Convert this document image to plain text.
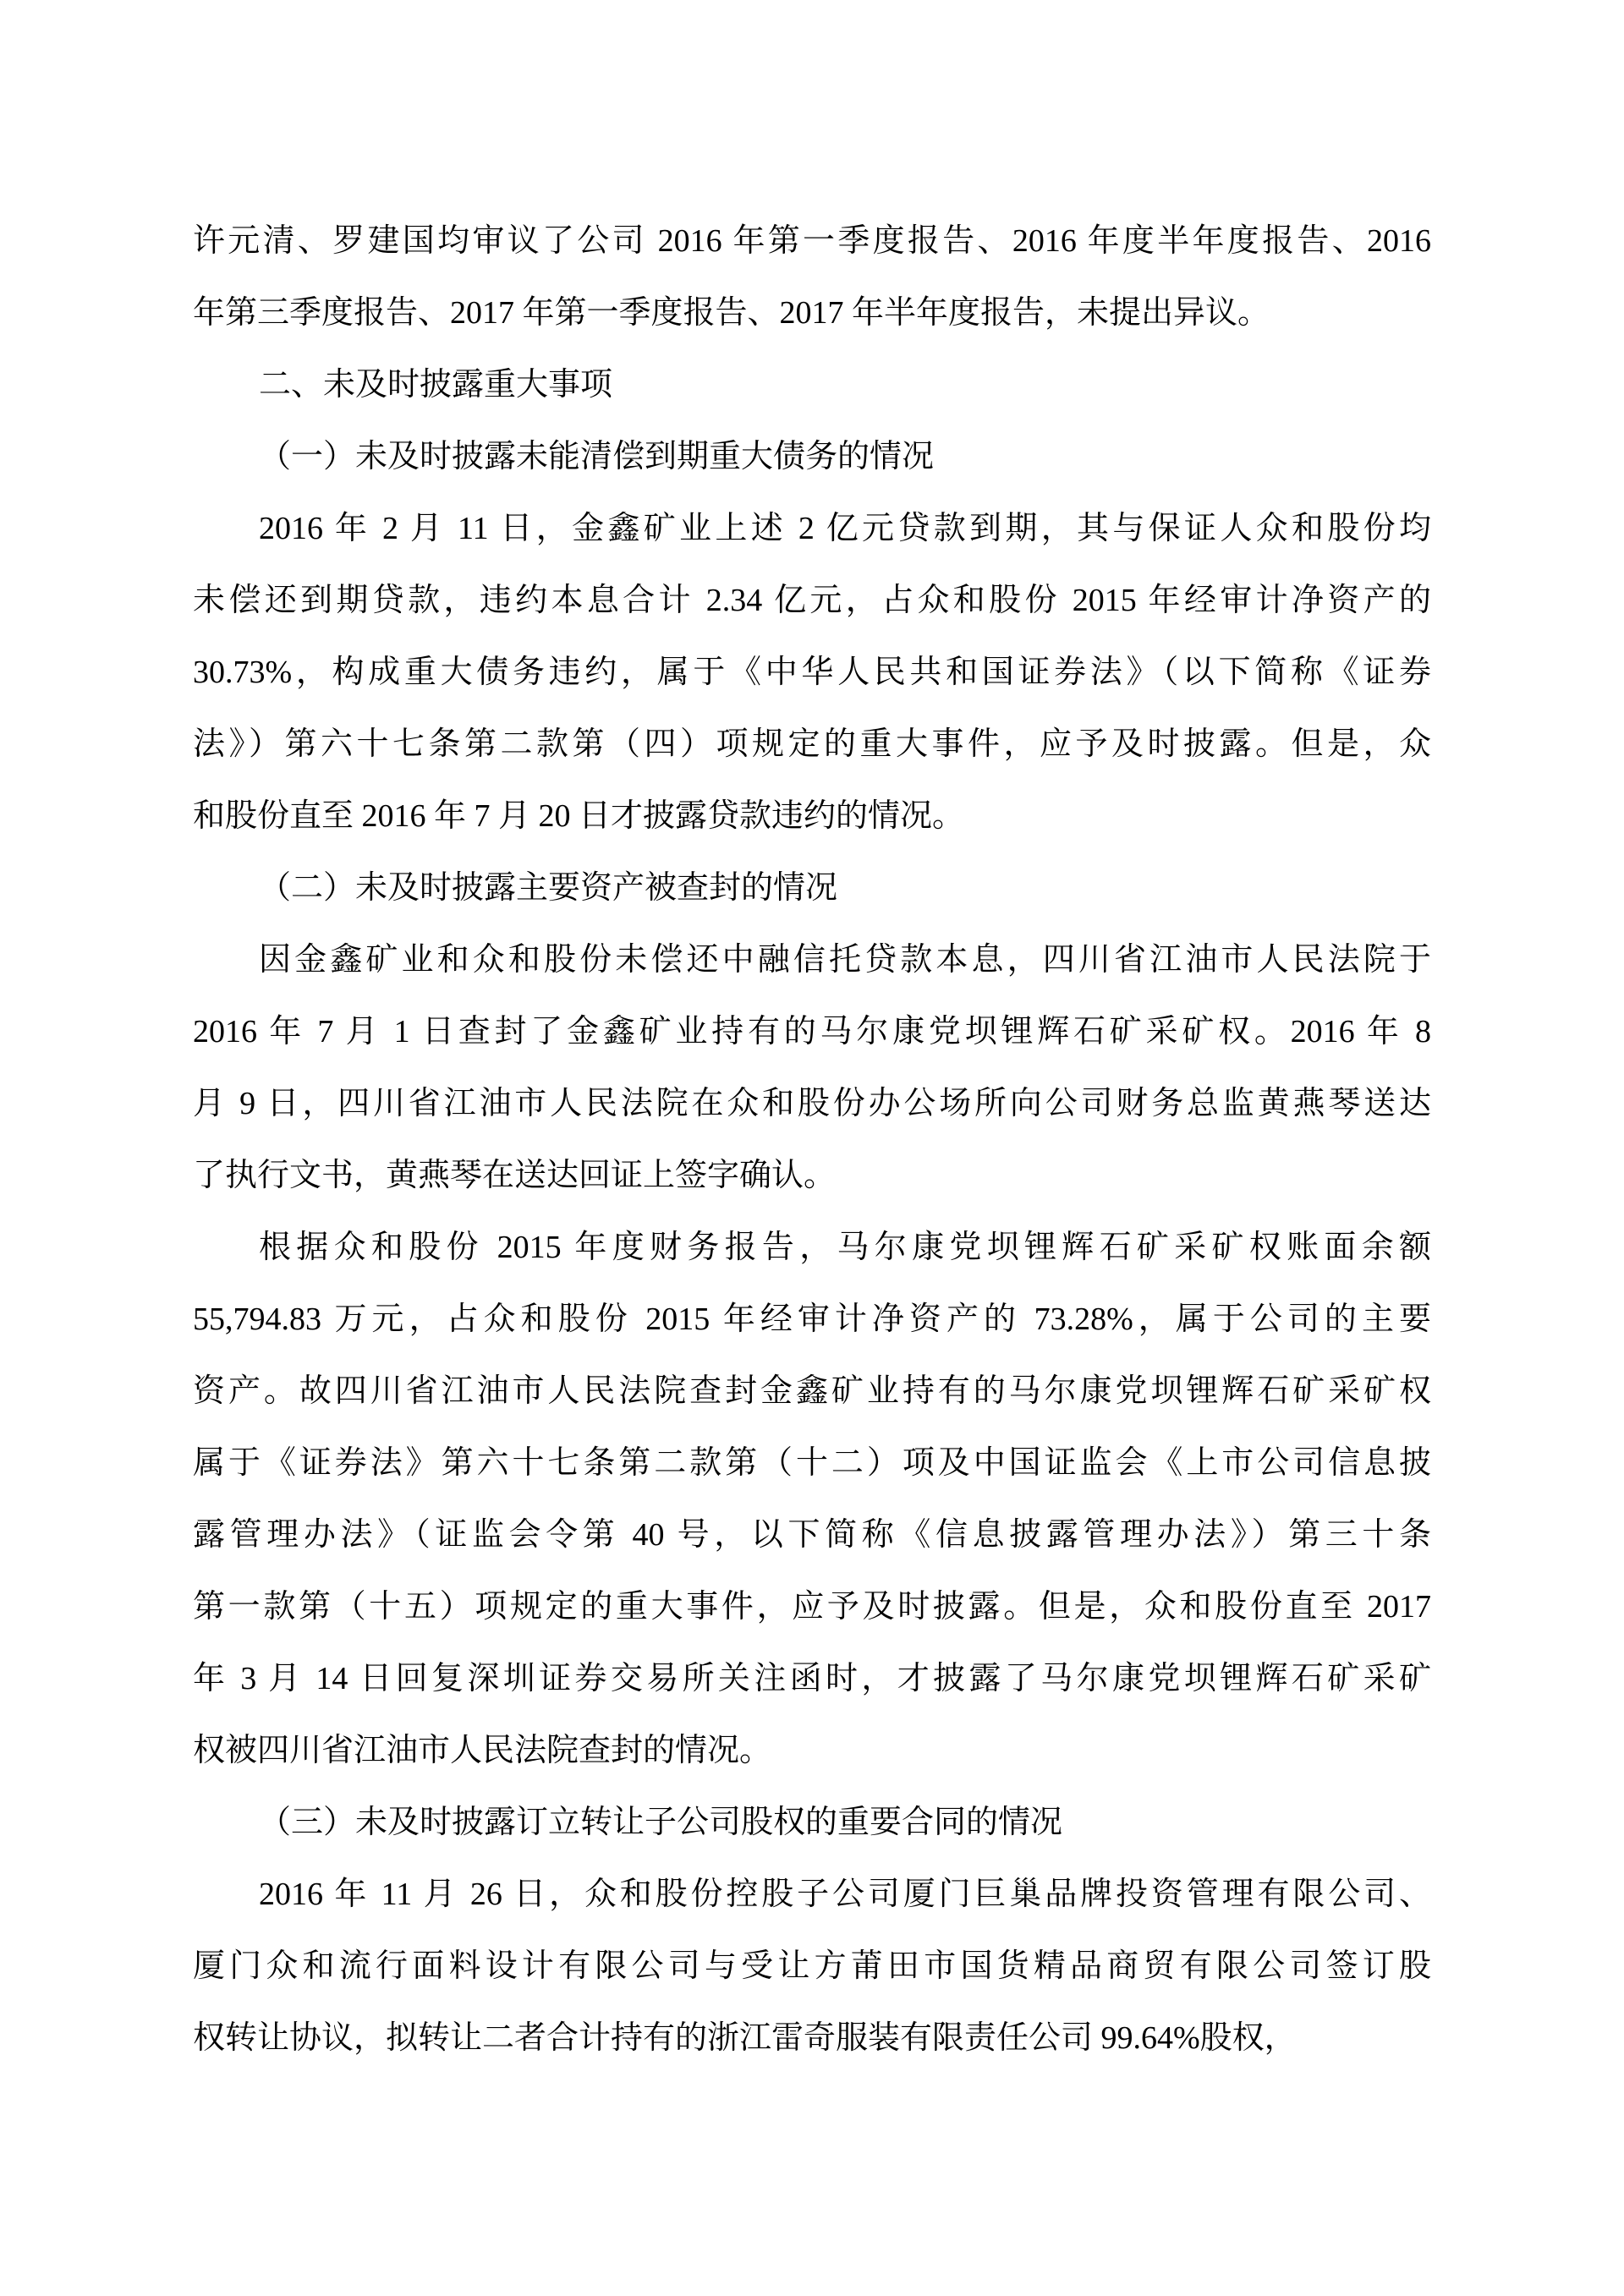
许元清、罗建国均审议了公司 2016 年第一季度报告、2016 年度半年度报告、2016
年第三季度报告、2017 年第一季度报告、2017 年半年度报告，未提出异议。
二、未及时披露重大事项
（一）未及时披露未能清偿到期重大债务的情况
2016 年 2 月 11 日，金鑫矿业上述 2 亿元贷款到期，其与保证人众和股份均
未偿还到期贷款，违约本息合计 2.34 亿元，占众和股份 2015 年经审计净资产的
30.73%，构成重大债务违约，属于《中华人民共和国证券法》（以下简称《证券
法》）第六十七条第二款第（四）项规定的重大事件，应予及时披露。但是，众
和股份直至 2016 年 7 月 20 日才披露贷款违约的情况。
（二）未及时披露主要资产被查封的情况
因金鑫矿业和众和股份未偿还中融信托贷款本息，四川省江油市人民法院于
2016 年 7 月 1 日查封了金鑫矿业持有的马尔康党坝锂辉石矿采矿权。2016 年 8
月 9 日，四川省江油市人民法院在众和股份办公场所向公司财务总监黄燕琴送达
了执行文书，黄燕琴在送达回证上签字确认。
根据众和股份 2015 年度财务报告，马尔康党坝锂辉石矿采矿权账面余额
55,794.83 万元，占众和股份 2015 年经审计净资产的 73.28%，属于公司的主要
资产。故四川省江油市人民法院查封金鑫矿业持有的马尔康党坝锂辉石矿采矿权
属于《证券法》第六十七条第二款第（十二）项及中国证监会《上市公司信息披
露管理办法》（证监会令第 40 号，以下简称《信息披露管理办法》）第三十条
第一款第（十五）项规定的重大事件，应予及时披露。但是，众和股份直至 2017
年 3 月 14 日回复深圳证券交易所关注函时，才披露了马尔康党坝锂辉石矿采矿
权被四川省江油市人民法院查封的情况。
（三）未及时披露订立转让子公司股权的重要合同的情况
2016 年 11 月 26 日，众和股份控股子公司厦门巨巢品牌投资管理有限公司、
厦门众和流行面料设计有限公司与受让方莆田市国货精品商贸有限公司签订股
权转让协议，拟转让二者合计持有的浙江雷奇服装有限责任公司 99.64%股权，
